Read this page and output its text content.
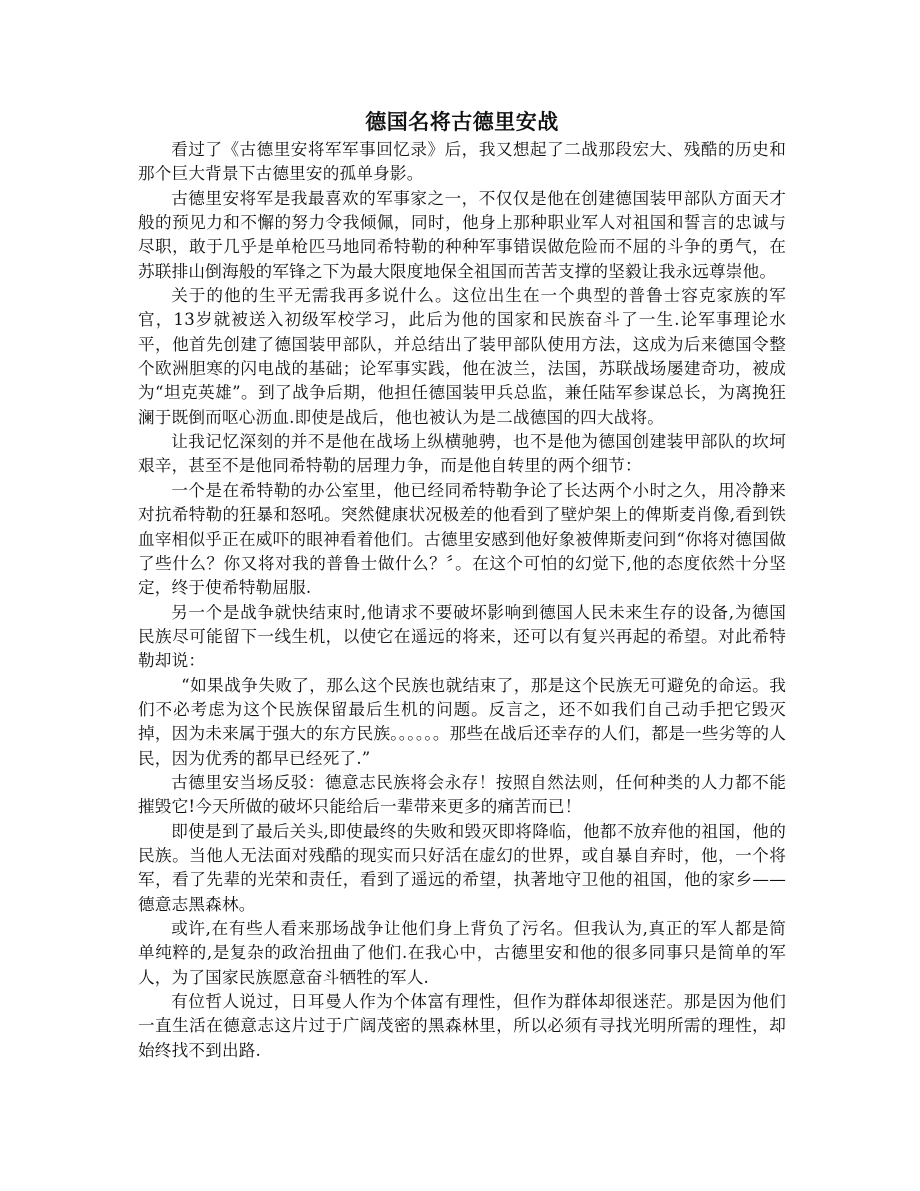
德国名将古德里安战

看过了《古德里安将军军事回忆录》后，我又想起了二战那段宏大、残酷的历史和那个巨大背景下古德里安的孤单身影。

古德里安将军是我最喜欢的军事家之一，不仅仅是他在创建德国装甲部队方面天才般的预见力和不懈的努力令我倾佩，同时，他身上那种职业军人对祖国和誓言的忠诚与尽职，敢于几乎是单枪匹马地同希特勒的种种军事错误做危险而不屈的斗争的勇气，在苏联排山倒海般的军锋之下为最大限度地保全祖国而苦苦支撑的坚毅让我永远尊崇他。

关于的他的生平无需我再多说什么。这位出生在一个典型的普鲁士容克家族的军官，13岁就被送入初级军校学习，此后为他的国家和民族奋斗了一生.论军事理论水平，他首先创建了德国装甲部队，并总结出了装甲部队使用方法，这成为后来德国令整个欧洲胆寒的闪电战的基础；论军事实践，他在波兰，法国，苏联战场屡建奇功，被成为“坦克英雄”。到了战争后期，他担任德国装甲兵总监，兼任陆军参谋总长，为离挽狂澜于既倒而呕心沥血.即使是战后，他也被认为是二战德国的四大战将。

让我记忆深刻的并不是他在战场上纵横驰骋，也不是他为德国创建装甲部队的坎坷艰辛，甚至不是他同希特勒的居理力争，而是他自转里的两个细节：

一个是在希特勒的办公室里，他已经同希特勒争论了长达两个小时之久，用冷静来对抗希特勒的狂暴和怒吼。突然健康状况极差的他看到了壁炉架上的俾斯麦肖像,看到铁血宰相似乎正在威吓的眼神看着他们。古德里安感到他好象被俾斯麦问到“你将对德国做了些什么？你又将对我的普鲁士做什么？〞。在这个可怕的幻觉下,他的态度依然十分坚定，终于使希特勒屈服.

另一个是战争就快结束时,他请求不要破坏影响到德国人民未来生存的设备,为德国民族尽可能留下一线生机，以使它在遥远的将来，还可以有复兴再起的希望。对此希特勒却说：

“如果战争失败了，那么这个民族也就结束了，那是这个民族无可避免的命运。我们不必考虑为这个民族保留最后生机的问题。反言之，还不如我们自己动手把它毁灭掉，因为未来属于强大的东方民族。。。。。。那些在战后还幸存的人们，都是一些劣等的人民，因为优秀的都早已经死了.”

古德里安当场反驳：德意志民族将会永存！按照自然法则，任何种类的人力都不能摧毁它!今天所做的破坏只能给后一辈带来更多的痛苦而已！

即使是到了最后关头,即使最终的失败和毁灭即将降临，他都不放弃他的祖国，他的民族。当他人无法面对残酷的现实而只好活在虚幻的世界，或自暴自弃时，他，一个将军，看了先辈的光荣和责任，看到了遥远的希望，执著地守卫他的祖国，他的家乡——德意志黑森林。

或许,在有些人看来那场战争让他们身上背负了污名。但我认为,真正的军人都是简单纯粹的,是复杂的政治扭曲了他们.在我心中，古德里安和他的很多同事只是简单的军人，为了国家民族愿意奋斗牺牲的军人.

有位哲人说过，日耳曼人作为个体富有理性，但作为群体却很迷茫。那是因为他们一直生活在德意志这片过于广阔茂密的黑森林里，所以必须有寻找光明所需的理性，却始终找不到出路.
